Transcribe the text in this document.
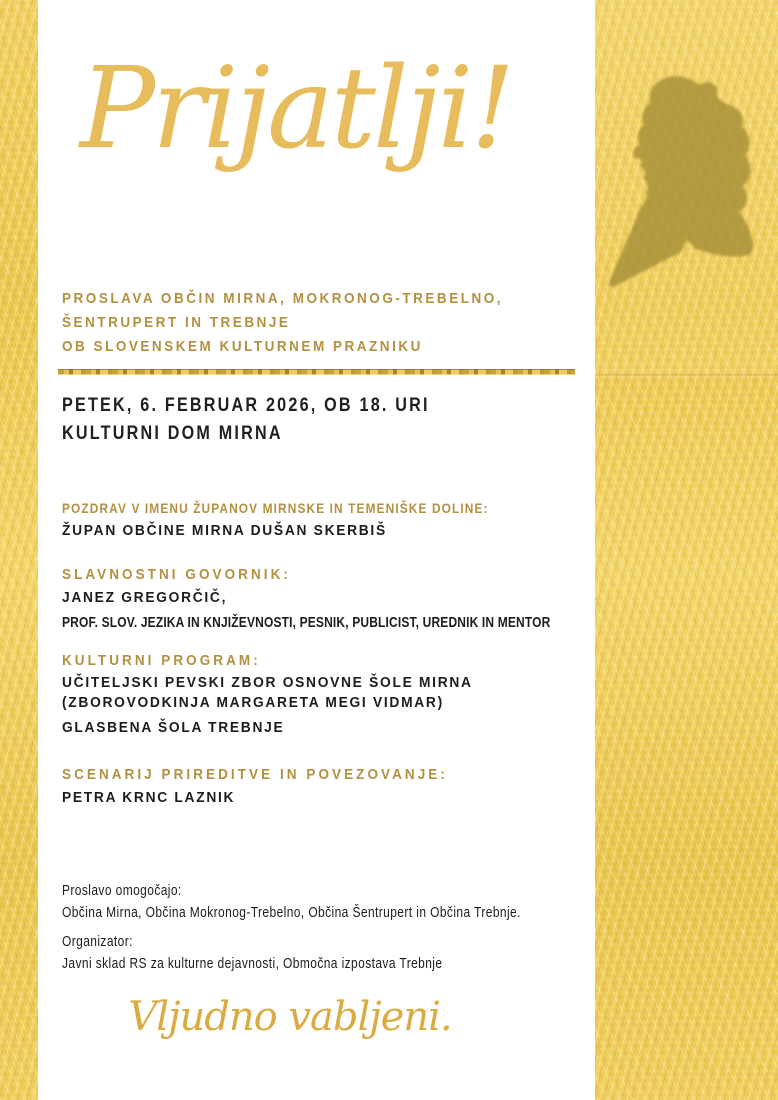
Prijatlji!
PROSLAVA OBČIN MIRNA, MOKRONOG-TREBELNO,
ŠENTRUPERT IN TREBNJE
OB SLOVENSKEM KULTURNEM PRAZNIKU
PETEK, 6. FEBRUAR 2026, OB 18. URI
KULTURNI DOM MIRNA
POZDRAV V IMENU ŽUPANOV MIRNSKE IN TEMENIŠKE DOLINE:
ŽUPAN OBČINE MIRNA DUŠAN SKERBIŠ
SLAVNOSTNI GOVORNIK:
JANEZ GREGORČIČ,
PROF. SLOV. JEZIKA IN KNJIŽEVNOSTI, PESNIK, PUBLICIST, UREDNIK IN MENTOR
KULTURNI PROGRAM:
UČITELJSKI PEVSKI ZBOR OSNOVNE ŠOLE MIRNA
(ZBOROVODKINJA MARGARETA MEGI VIDMAR)
GLASBENA ŠOLA TREBNJE
SCENARIJ PRIREDITVE IN POVEZOVANJE:
PETRA KRNC LAZNIK
Proslavo omogočajo:
Občina Mirna, Občina Mokronog-Trebelno, Občina Šentrupert in Občina Trebnje.
Organizator:
Javni sklad RS za kulturne dejavnosti, Območna izpostava Trebnje
Vljudno vabljeni.
